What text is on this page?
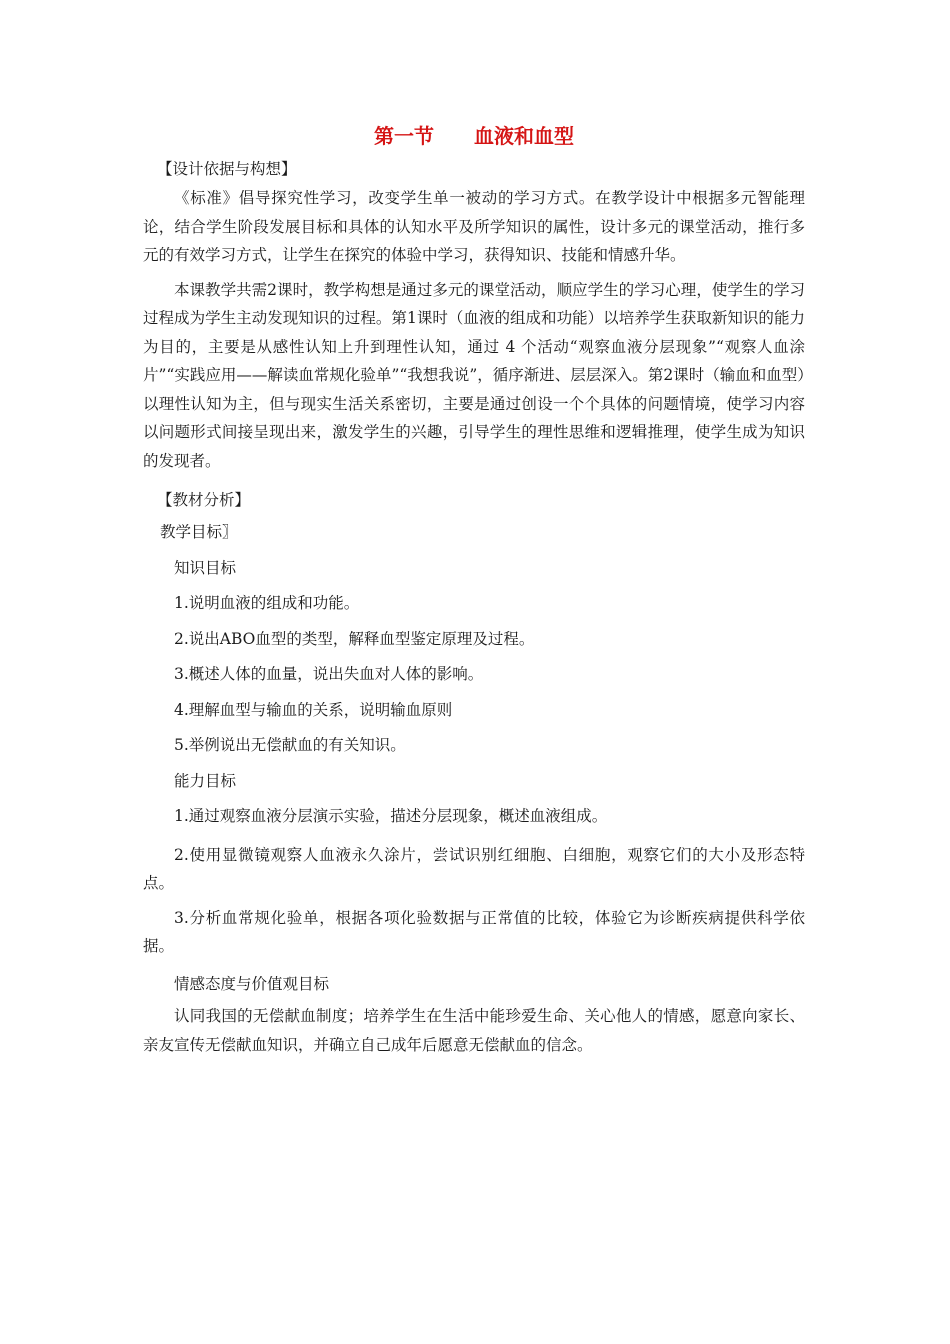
第一节　　血液和血型

【设计依据与构想】

《标准》倡导探究性学习，改变学生单一被动的学习方式。在教学设计中根据多元智能理论，结合学生阶段发展目标和具体的认知水平及所学知识的属性，设计多元的课堂活动，推行多元的有效学习方式，让学生在探究的体验中学习，获得知识、技能和情感升华。

本课教学共需2课时，教学构想是通过多元的课堂活动，顺应学生的学习心理，使学生的学习过程成为学生主动发现知识的过程。第1课时（血液的组成和功能）以培养学生获取新知识的能力为目的，主要是从感性认知上升到理性认知，通过 4 个活动“观察血液分层现象”“观察人血涂片”“实践应用——解读血常规化验单”“我想我说”，循序渐进、层层深入。第2课时（输血和血型）以理性认知为主，但与现实生活关系密切，主要是通过创设一个个具体的问题情境，使学习内容以问题形式间接呈现出来，激发学生的兴趣，引导学生的理性思维和逻辑推理，使学生成为知识的发现者。

【教材分析】

教学目标〗

知识目标

1.说明血液的组成和功能。

2.说出ABO血型的类型，解释血型鉴定原理及过程。

3.概述人体的血量，说出失血对人体的影响。

4.理解血型与输血的关系，说明输血原则

5.举例说出无偿献血的有关知识。

能力目标

1.通过观察血液分层演示实验，描述分层现象，概述血液组成。

2.使用显微镜观察人血液永久涂片，尝试识别红细胞、白细胞，观察它们的大小及形态特点。

3.分析血常规化验单，根据各项化验数据与正常值的比较，体验它为诊断疾病提供科学依据。

情感态度与价值观目标

认同我国的无偿献血制度；培养学生在生活中能珍爱生命、关心他人的情感，愿意向家长、亲友宣传无偿献血知识，并确立自己成年后愿意无偿献血的信念。
